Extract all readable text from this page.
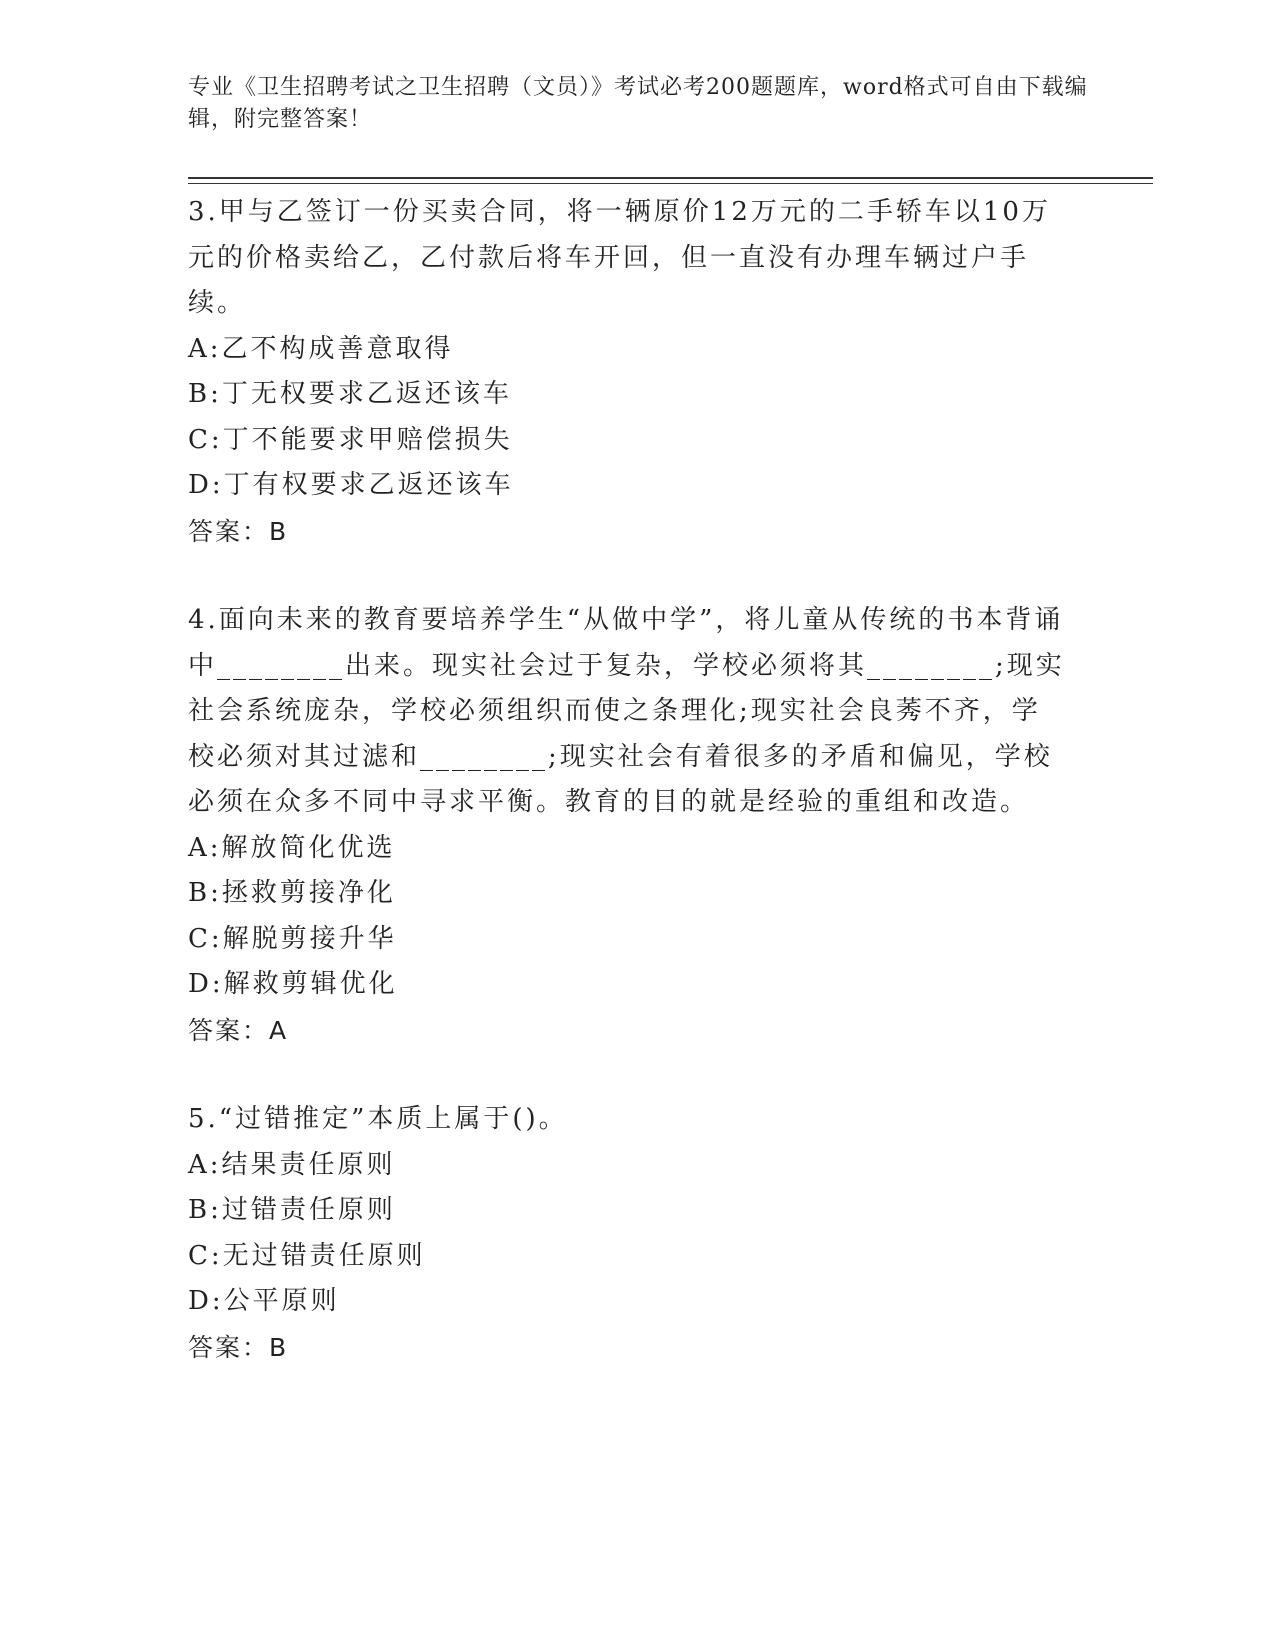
专业《卫生招聘考试之卫生招聘（文员）》考试必考200题题库，word格式可自由下载编辑，附完整答案！

3.甲与乙签订一份买卖合同，将一辆原价12万元的二手轿车以10万元的价格卖给乙，乙付款后将车开回，但一直没有办理车辆过户手续。

A:乙不构成善意取得

B:丁无权要求乙返还该车

C:丁不能要求甲赔偿损失

D:丁有权要求乙返还该车

答案：B

4.面向未来的教育要培养学生“从做中学”，将儿童从传统的书本背诵中________出来。现实社会过于复杂，学校必须将其________;现实社会系统庞杂，学校必须组织而使之条理化;现实社会良莠不齐，学校必须对其过滤和________;现实社会有着很多的矛盾和偏见，学校必须在众多不同中寻求平衡。教育的目的就是经验的重组和改造。

A:解放简化优选

B:拯救剪接净化

C:解脱剪接升华

D:解救剪辑优化

答案：A

5.“过错推定”本质上属于()。

A:结果责任原则

B:过错责任原则

C:无过错责任原则

D:公平原则

答案：B
